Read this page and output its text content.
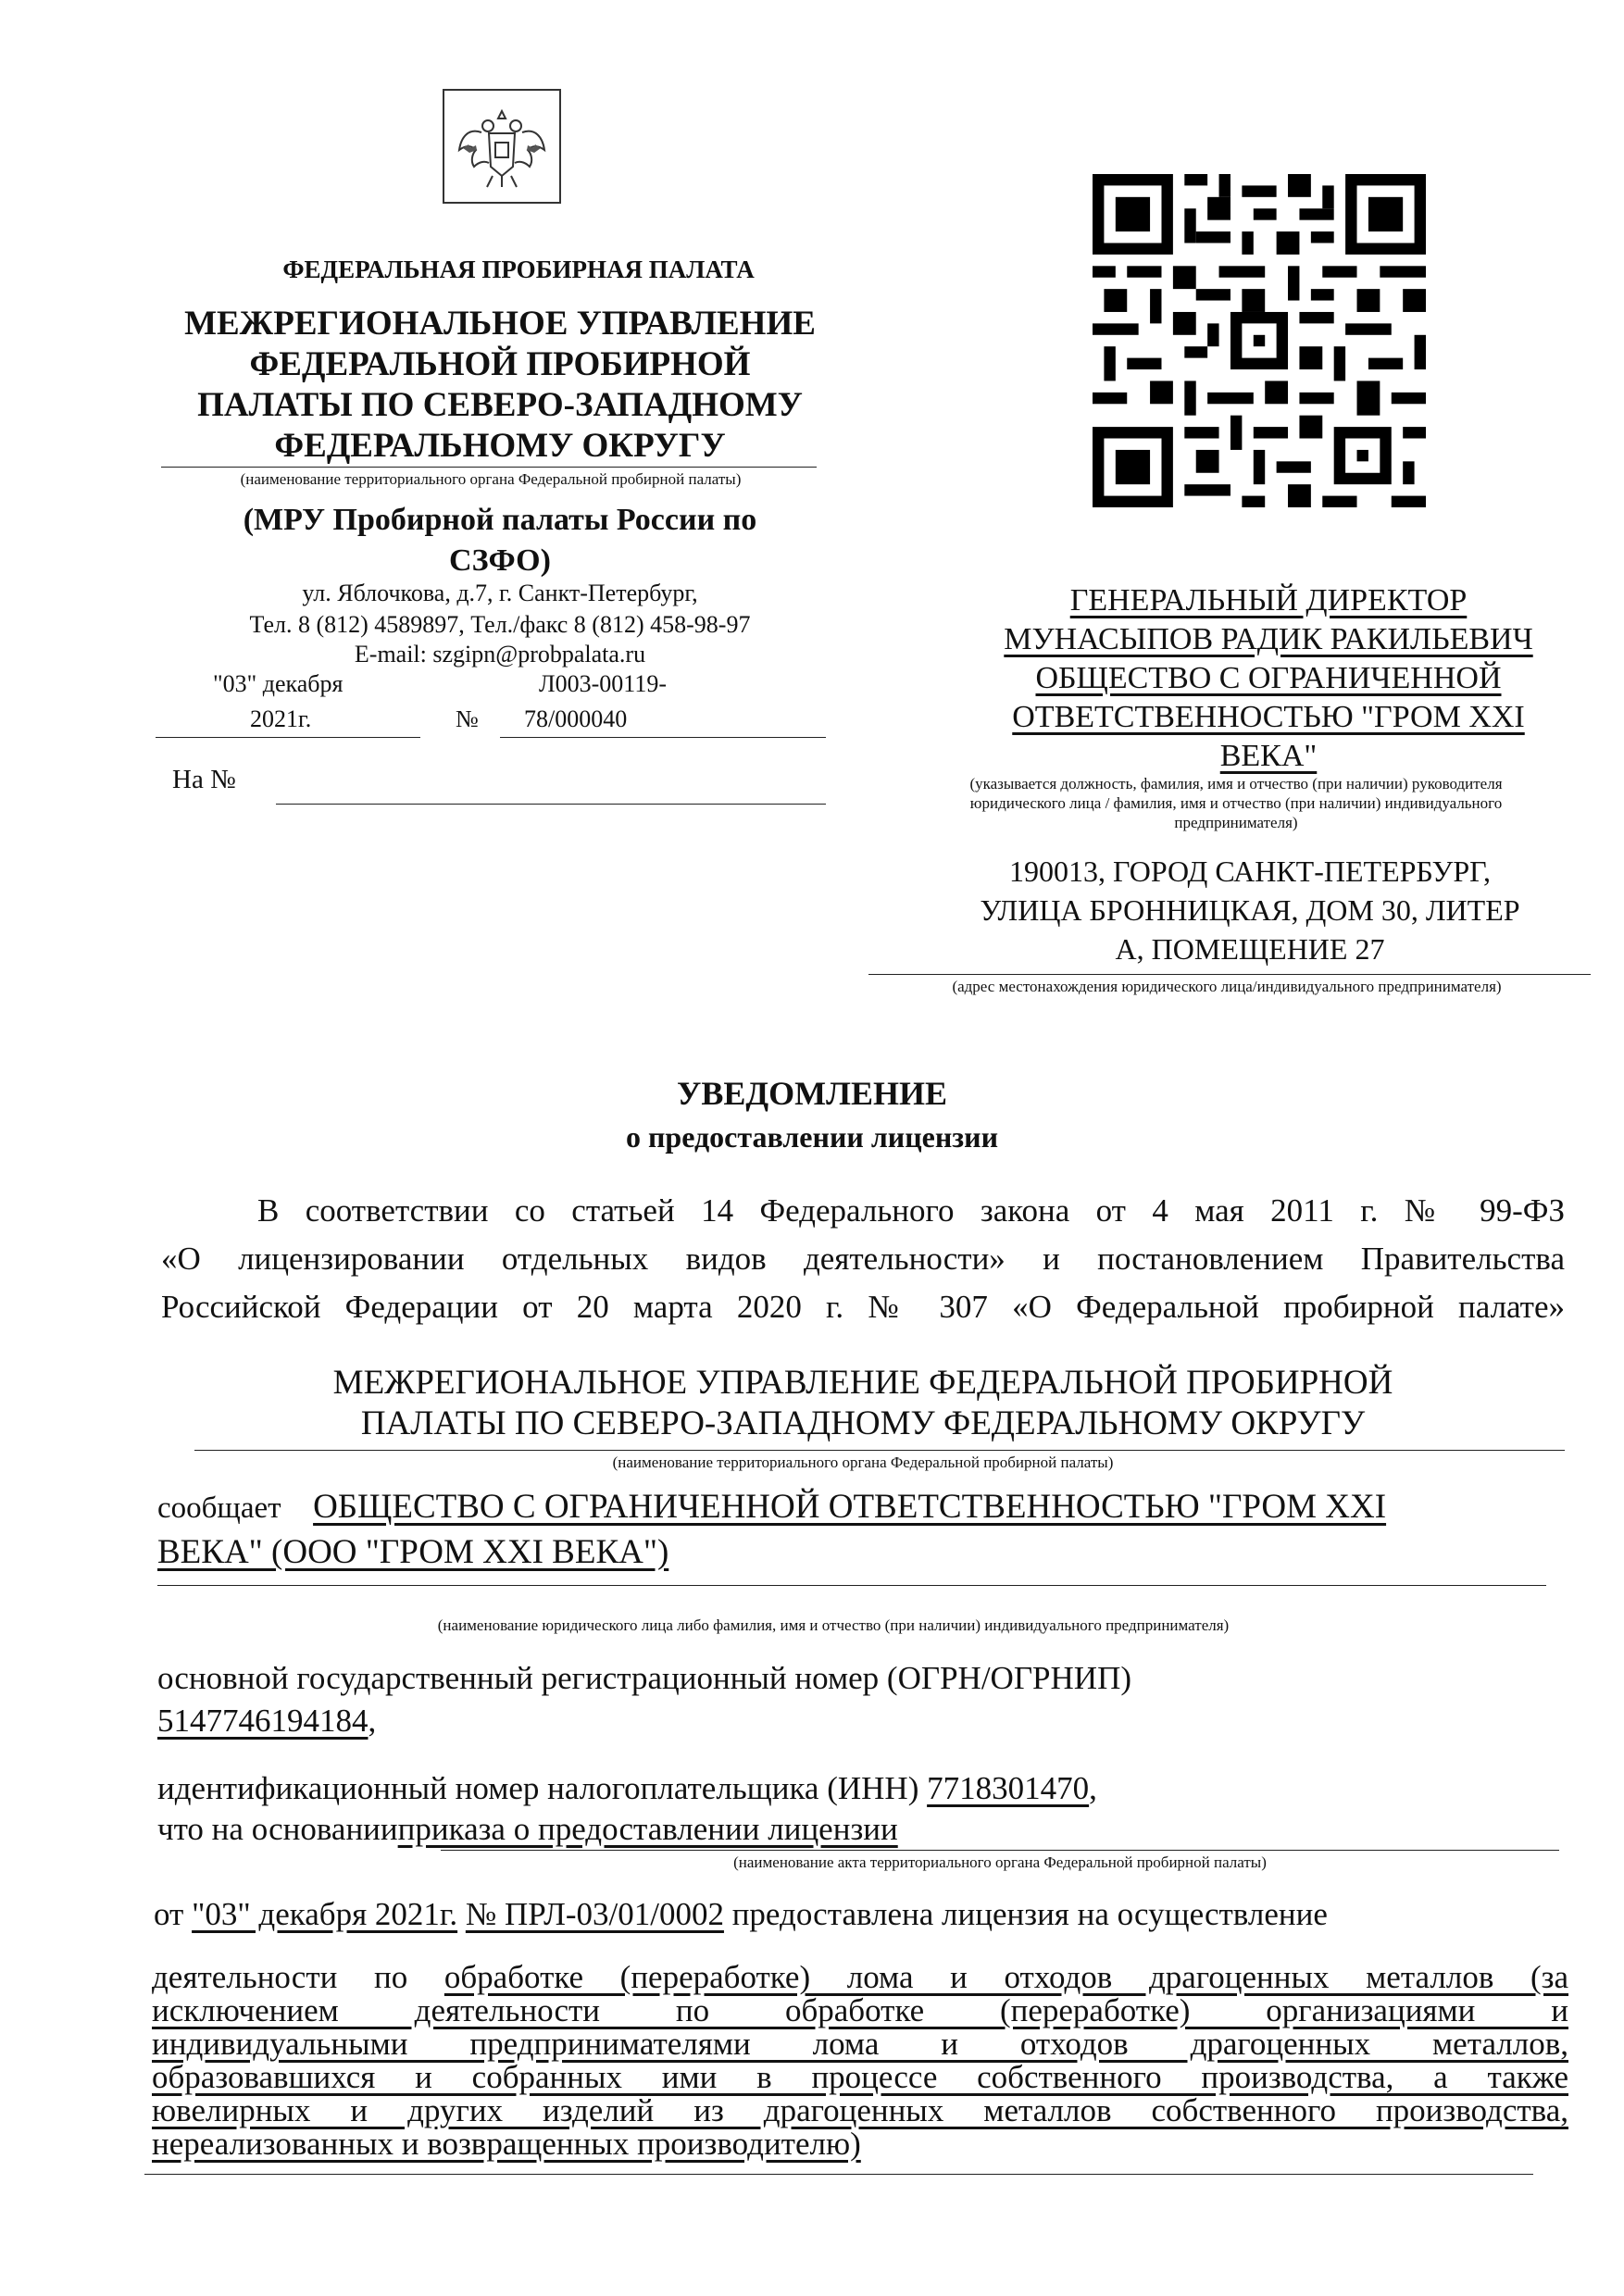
ФЕДЕРАЛЬНАЯ ПРОБИРНАЯ ПАЛАТА
МЕЖРЕГИОНАЛЬНОЕ УПРАВЛЕНИЕ
ФЕДЕРАЛЬНОЙ ПРОБИРНОЙ
ПАЛАТЫ ПО СЕВЕРО-ЗАПАДНОМУ
ФЕДЕРАЛЬНОМУ ОКРУГУ
(наименование территориального органа Федеральной пробирной палаты)
(МРУ Пробирной палаты России по
СЗФО)
ул. Яблочкова, д.7, г. Санкт-Петербург,
Тел. 8 (812) 4589897, Тел./факс 8 (812) 458-98-97
E-mail: szgipn@probpalata.ru
"03" декабря
2021г.	№
Л003-00119-
78/000040
На №
ГЕНЕРАЛЬНЫЙ ДИРЕКТОР
МУНАСЫПОВ РАДИК РАКИЛЬЕВИЧ
ОБЩЕСТВО С ОГРАНИЧЕННОЙ
ОТВЕТСТВЕННОСТЬЮ "ГРОМ XXI
ВЕКА"
(указывается должность, фамилия, имя и отчество (при наличии) руководителя
юридического лица / фамилия, имя и отчество (при наличии) индивидуального
предпринимателя)
190013, ГОРОД САНКТ-ПЕТЕРБУРГ,
УЛИЦА БРОННИЦКАЯ, ДОМ 30, ЛИТЕР
А, ПОМЕЩЕНИЕ 27
(адрес местонахождения юридического лица/индивидуального предпринимателя)
УВЕДОМЛЕНИЕ
о предоставлении лицензии
В соответствии со статьей 14 Федерального закона от 4 мая 2011 г. № 99-ФЗ
«О лицензировании отдельных видов деятельности» и постановлением Правительства
Российской Федерации от 20 марта 2020 г. № 307 «О Федеральной пробирной палате»
МЕЖРЕГИОНАЛЬНОЕ УПРАВЛЕНИЕ ФЕДЕРАЛЬНОЙ ПРОБИРНОЙ
ПАЛАТЫ ПО СЕВЕРО-ЗАПАДНОМУ ФЕДЕРАЛЬНОМУ ОКРУГУ
(наименование территориального органа Федеральной пробирной палаты)
сообщает ОБЩЕСТВО С ОГРАНИЧЕННОЙ ОТВЕТСТВЕННОСТЬЮ "ГРОМ XXI
ВЕКА" (ООО "ГРОМ XXI ВЕКА")
(наименование юридического лица либо фамилия, имя и отчество (при наличии) индивидуального предпринимателя)
основной государственный регистрационный номер (ОГРН/ОГРНИП)
5147746194184,
идентификационный номер налогоплательщика (ИНН) 7718301470,
что на основанииприказа о предоставлении лицензии
(наименование акта территориального органа Федеральной пробирной палаты)
от "03" декабря 2021г. № ПРЛ-03/01/0002 предоставлена лицензия на осуществление
деятельности по обработке (переработке) лома и отходов драгоценных металлов (за
исключением деятельности по обработке (переработке) организациями и
индивидуальными предпринимателями лома и отходов драгоценных металлов,
образовавшихся и собранных ими в процессе собственного производства, а также
ювелирных и других изделий из драгоценных металлов собственного производства,
нереализованных и возвращенных производителю)
